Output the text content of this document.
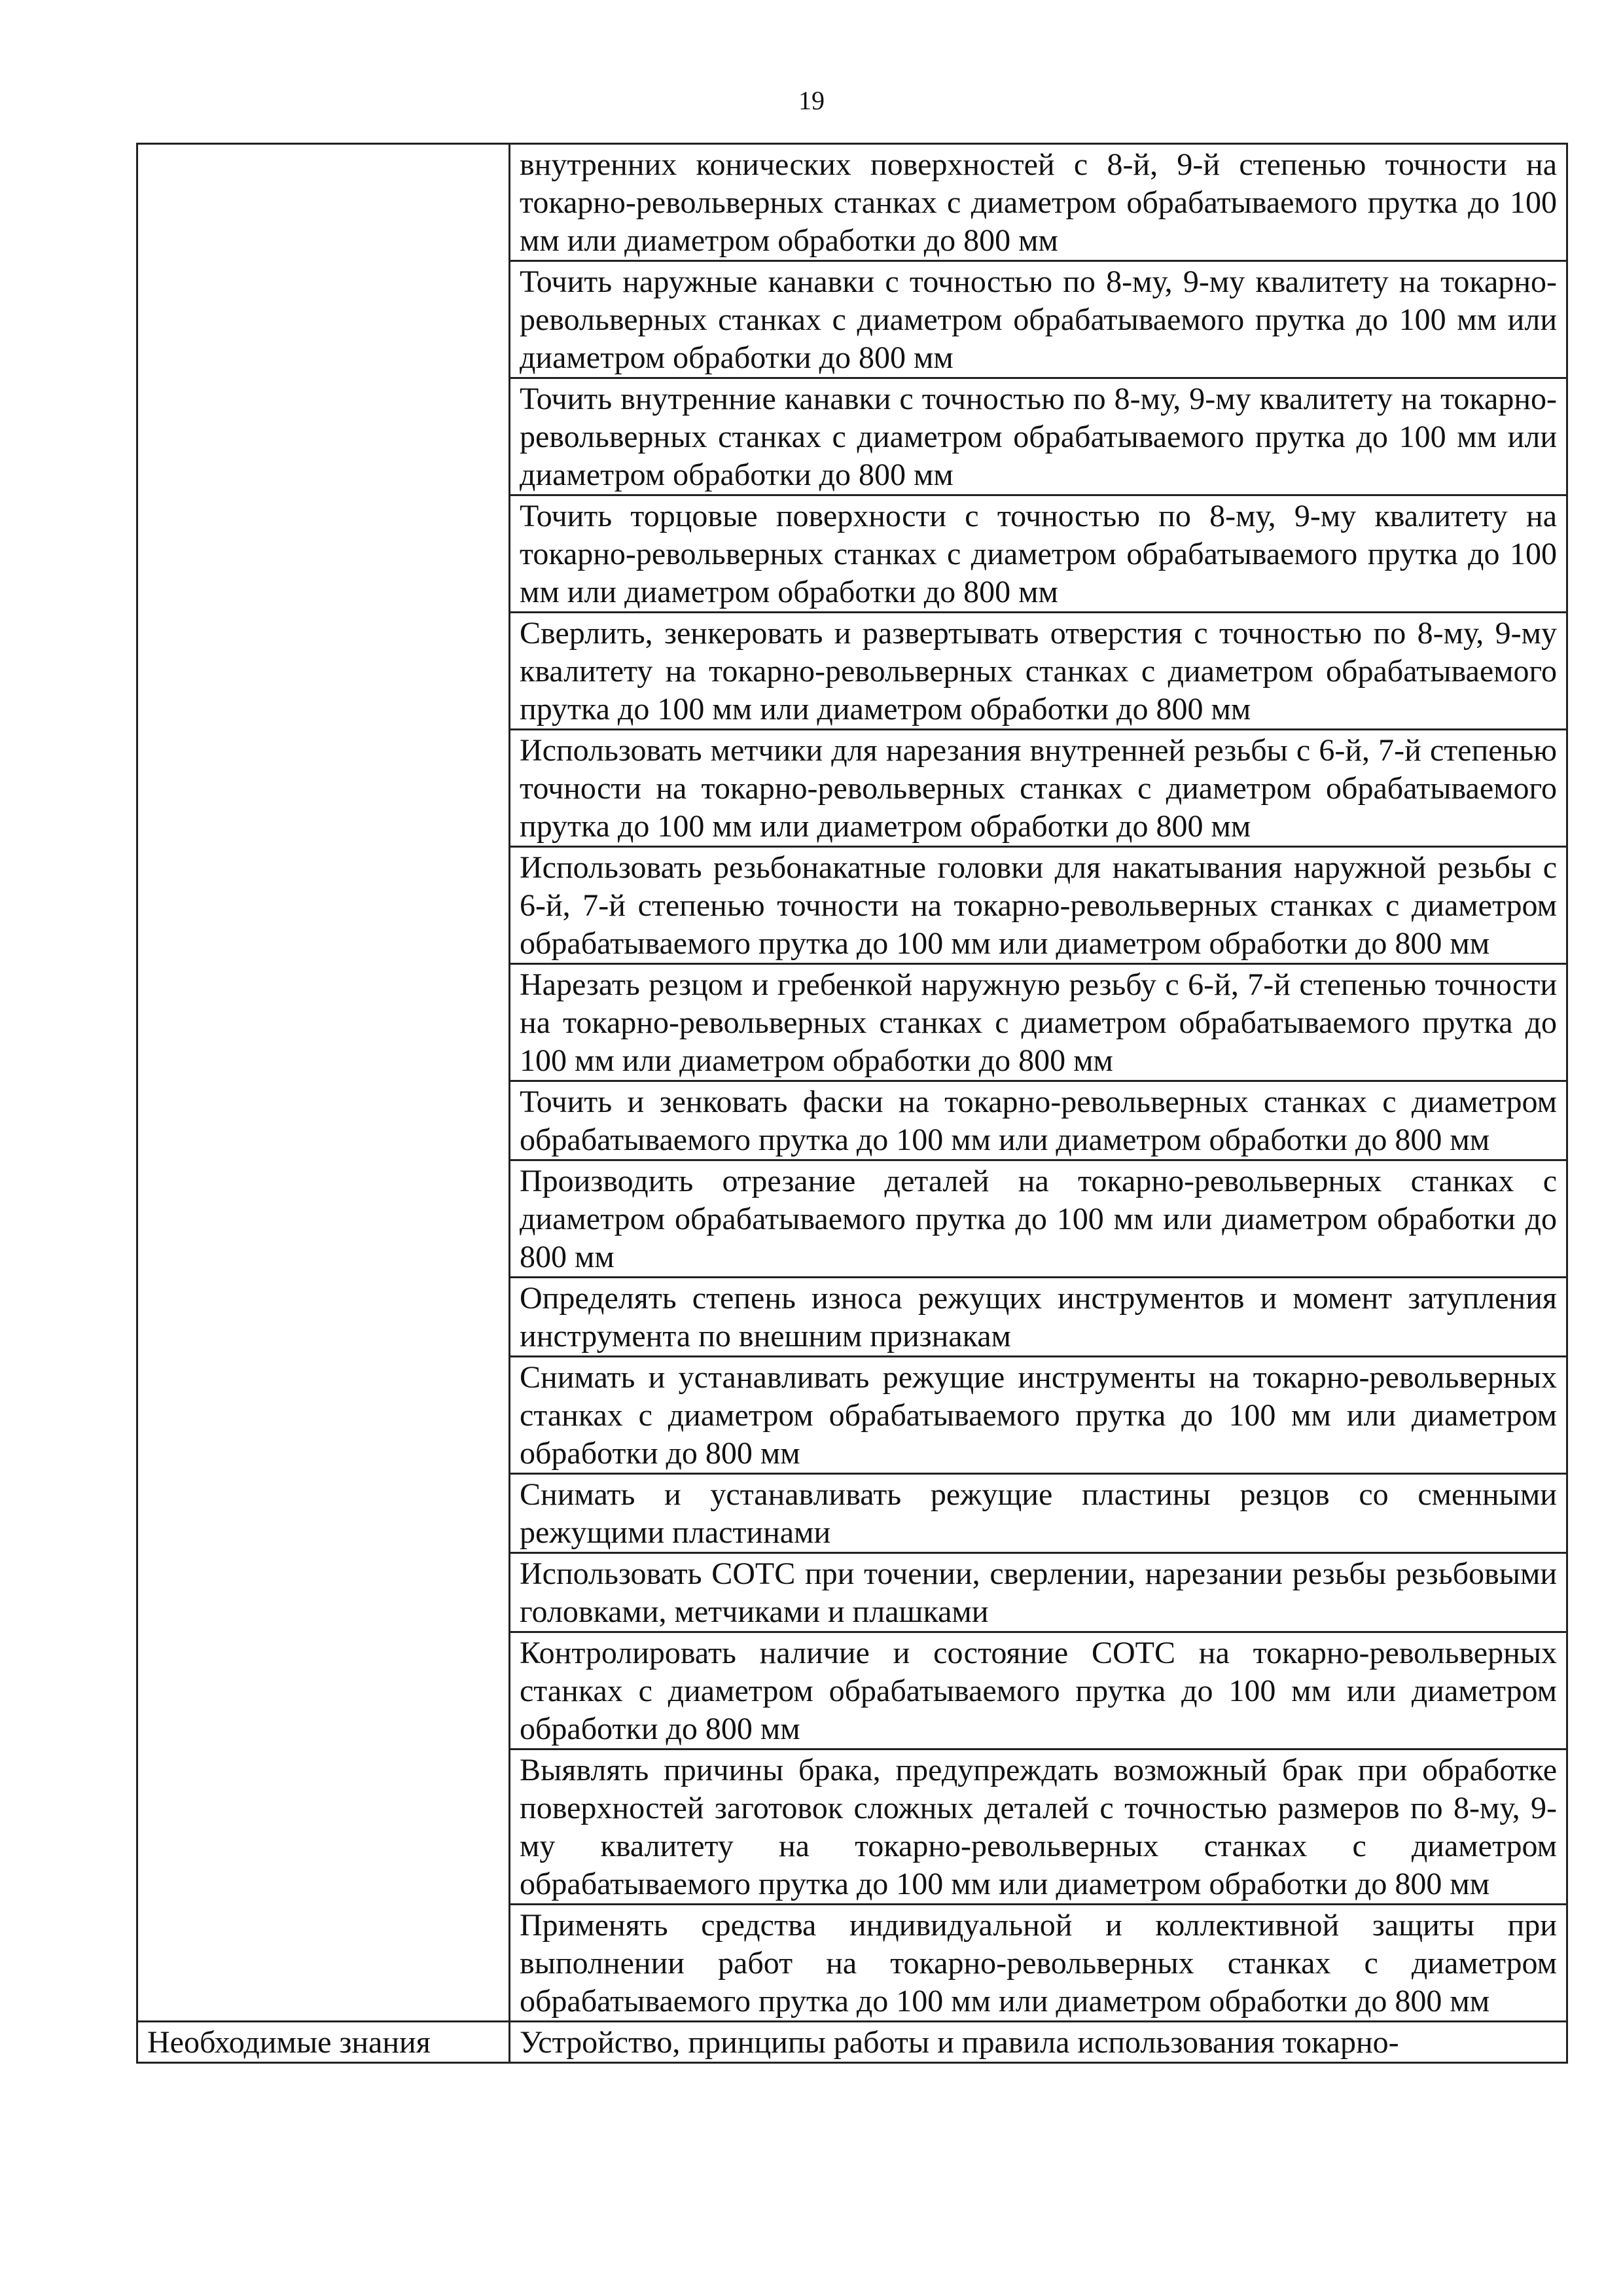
19
	внутренних конических поверхностей с 8-й, 9-й степенью точности на токарно-револьверных станках с диаметром обрабатываемого прутка до 100 мм или диаметром обработки до 800 мм
	Точить наружные канавки с точностью по 8-му, 9-му квалитету на токарно-револьверных станках с диаметром обрабатываемого прутка до 100 мм или диаметром обработки до 800 мм
	Точить внутренние канавки с точностью по 8-му, 9-му квалитету на токарно-револьверных станках с диаметром обрабатываемого прутка до 100 мм или диаметром обработки до 800 мм
	Точить торцовые поверхности с точностью по 8-му, 9-му квалитету на токарно-револьверных станках с диаметром обрабатываемого прутка до 100 мм или диаметром обработки до 800 мм
	Сверлить, зенкеровать и развертывать отверстия с точностью по 8-му, 9-му квалитету на токарно-револьверных станках с диаметром обрабатываемого прутка до 100 мм или диаметром обработки до 800 мм
	Использовать метчики для нарезания внутренней резьбы с 6-й, 7-й степенью точности на токарно-револьверных станках с диаметром обрабатываемого прутка до 100 мм или диаметром обработки до 800 мм
	Использовать резьбонакатные головки для накатывания наружной резьбы с 6-й, 7-й степенью точности на токарно-револьверных станках с диаметром обрабатываемого прутка до 100 мм или диаметром обработки до 800 мм
	Нарезать резцом и гребенкой наружную резьбу с 6-й, 7-й степенью точности на токарно-револьверных станках с диаметром обрабатываемого прутка до 100 мм или диаметром обработки до 800 мм
	Точить и зенковать фаски на токарно-револьверных станках с диаметром обрабатываемого прутка до 100 мм или диаметром обработки до 800 мм
	Производить отрезание деталей на токарно-револьверных станках с диаметром обрабатываемого прутка до 100 мм или диаметром обработки до 800 мм
	Определять степень износа режущих инструментов и момент затупления инструмента по внешним признакам
	Снимать и устанавливать режущие инструменты на токарно-револьверных станках с диаметром обрабатываемого прутка до 100 мм или диаметром обработки до 800 мм
	Снимать и устанавливать режущие пластины резцов со сменными режущими пластинами
	Использовать СОТС при точении, сверлении, нарезании резьбы резьбовыми головками, метчиками и плашками
	Контролировать наличие и состояние СОТС на токарно-револьверных станках с диаметром обрабатываемого прутка до 100 мм или диаметром обработки до 800 мм
	Выявлять причины брака, предупреждать возможный брак при обработке поверхностей заготовок сложных деталей с точностью размеров по 8-му, 9-му квалитету на токарно-револьверных станках с диаметром обрабатываемого прутка до 100 мм или диаметром обработки до 800 мм
	Применять средства индивидуальной и коллективной защиты при выполнении работ на токарно-револьверных станках с диаметром обрабатываемого прутка до 100 мм или диаметром обработки до 800 мм

Необходимые знания	Устройство, принципы работы и правила использования токарно-
